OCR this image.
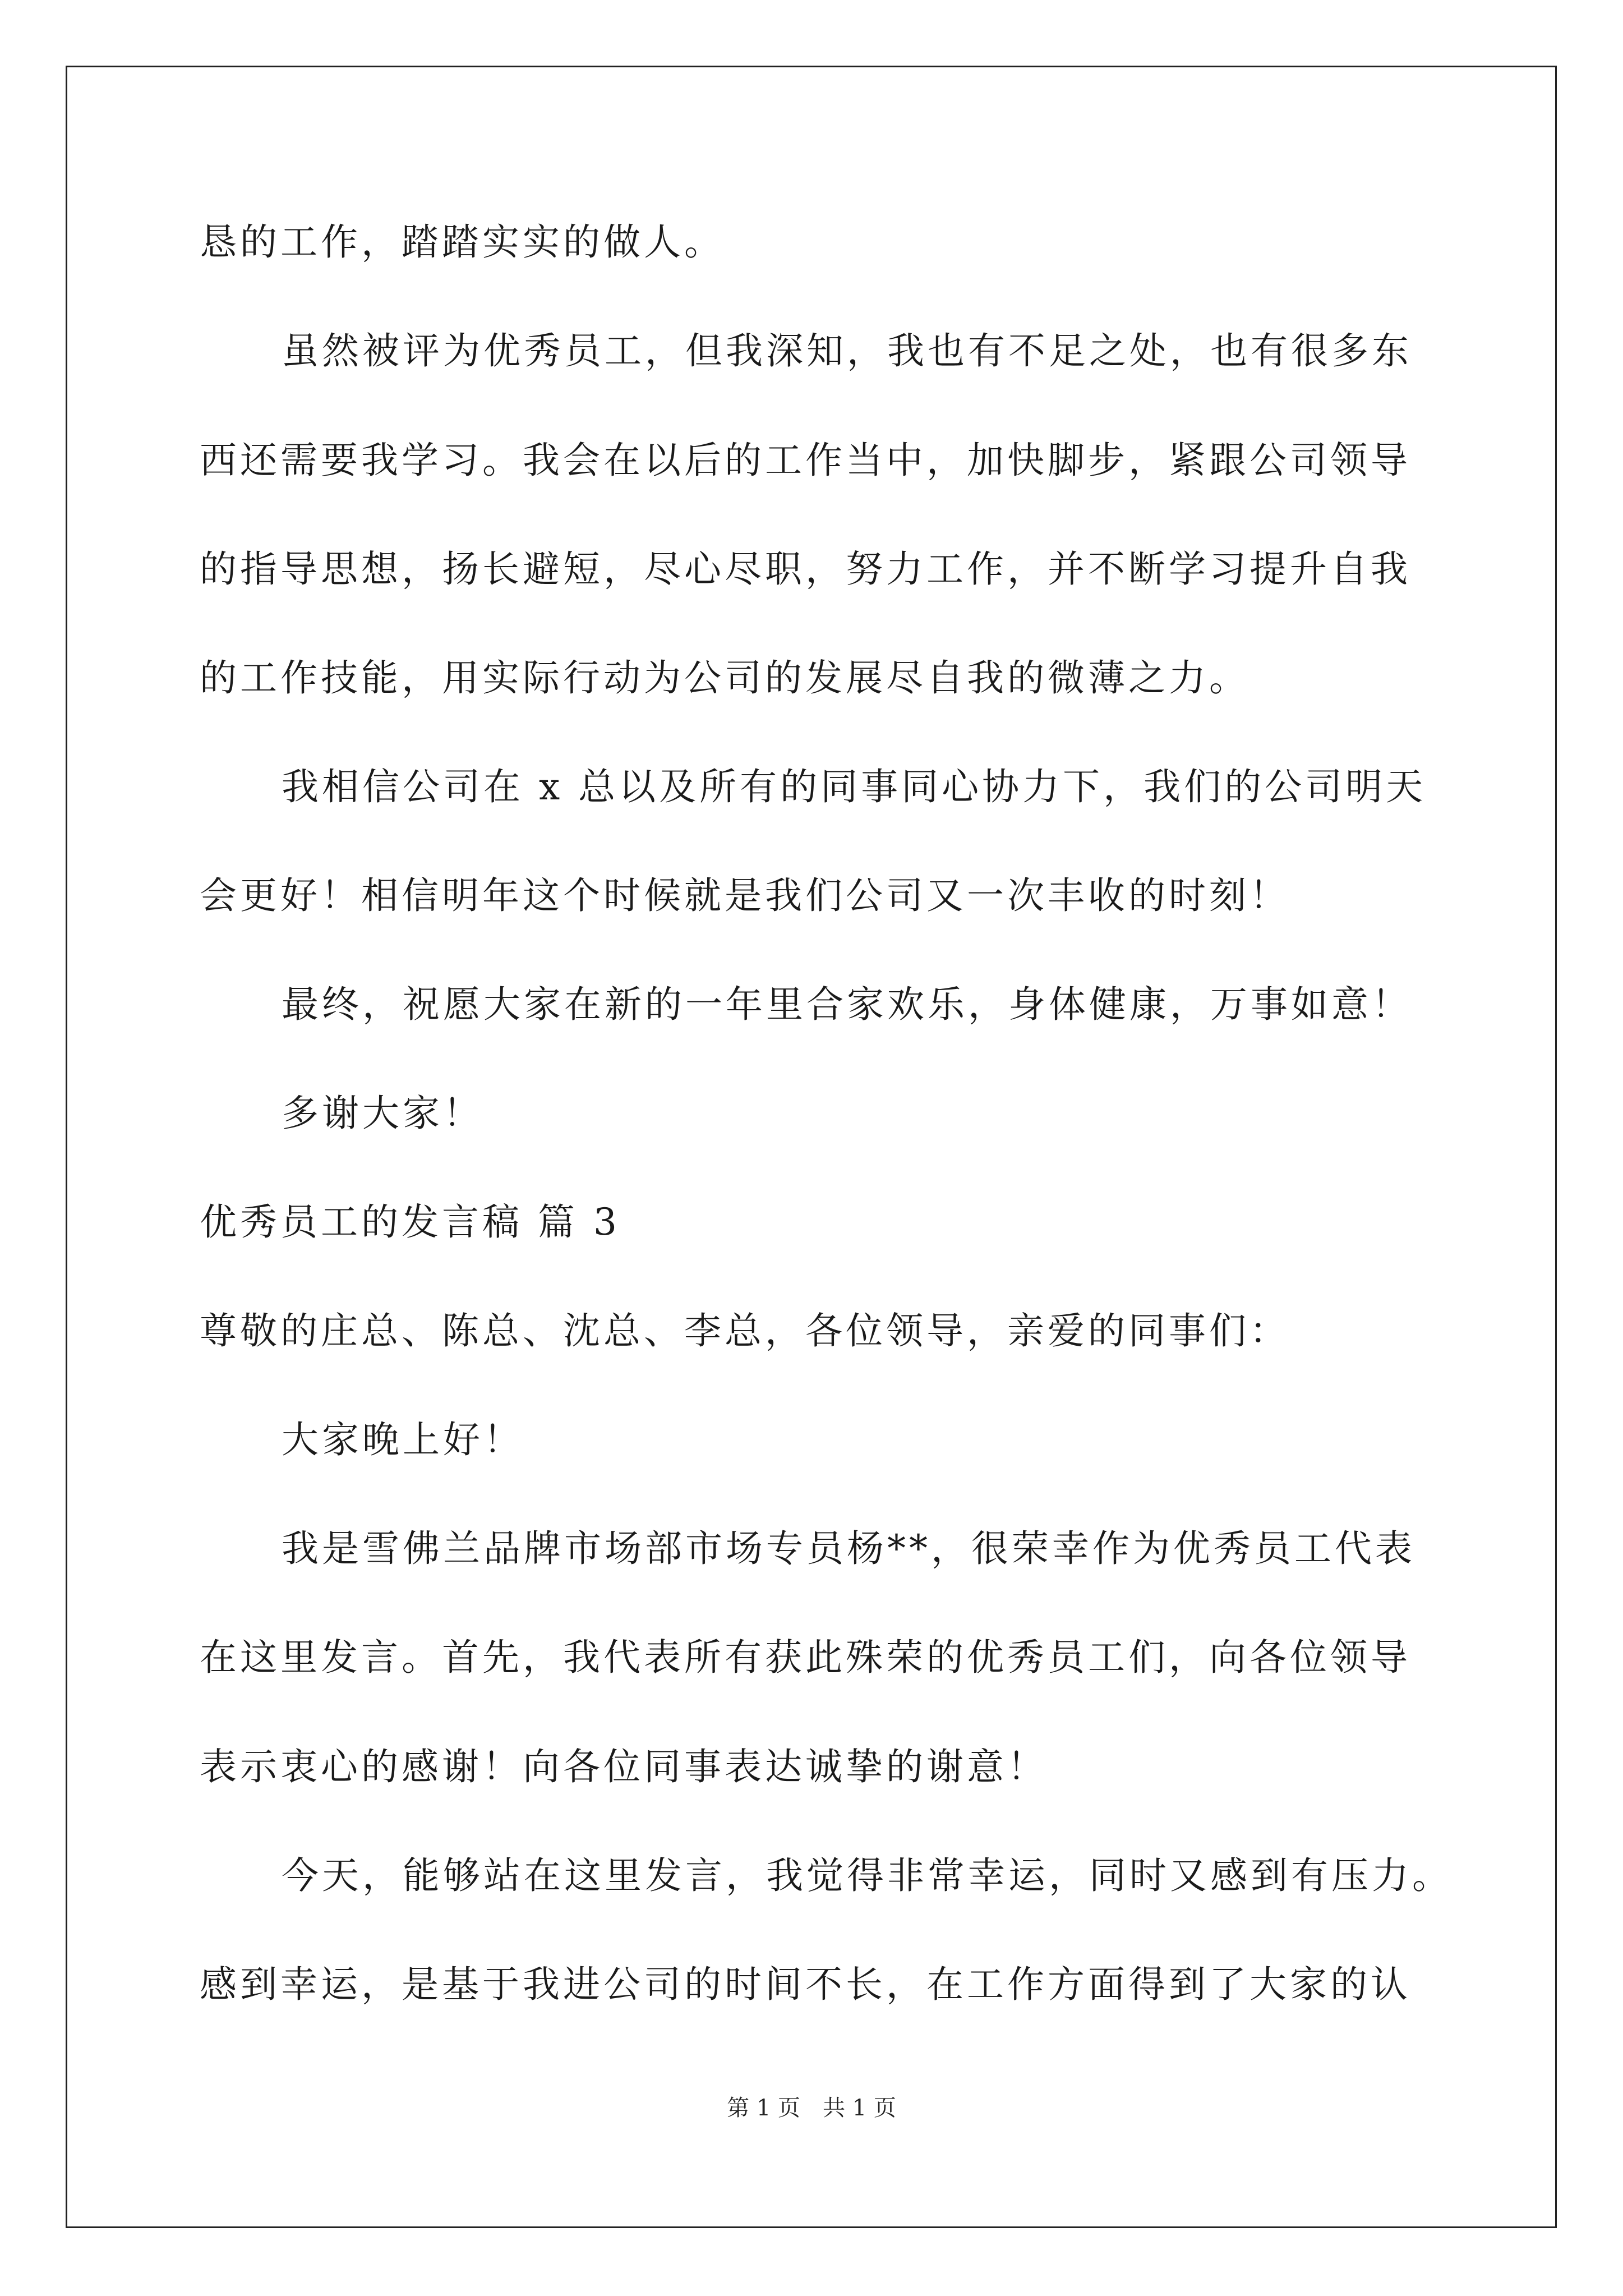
恳的工作，踏踏实实的做人。
虽然被评为优秀员工，但我深知，我也有不足之处，也有很多东
西还需要我学习。我会在以后的工作当中，加快脚步，紧跟公司领导
的指导思想，扬长避短，尽心尽职，努力工作，并不断学习提升自我
的工作技能，用实际行动为公司的发展尽自我的微薄之力。
我相信公司在 x 总以及所有的同事同心协力下，我们的公司明天
会更好！相信明年这个时候就是我们公司又一次丰收的时刻！
最终，祝愿大家在新的一年里合家欢乐，身体健康，万事如意！
多谢大家！
优秀员工的发言稿 篇 3
尊敬的庄总、陈总、沈总、李总，各位领导，亲爱的同事们：
大家晚上好！
我是雪佛兰品牌市场部市场专员杨**，很荣幸作为优秀员工代表
在这里发言。首先，我代表所有获此殊荣的优秀员工们，向各位领导
表示衷心的感谢！向各位同事表达诚挚的谢意！
今天，能够站在这里发言，我觉得非常幸运，同时又感到有压力。
感到幸运，是基于我进公司的时间不长，在工作方面得到了大家的认
第 1 页　共 1 页
